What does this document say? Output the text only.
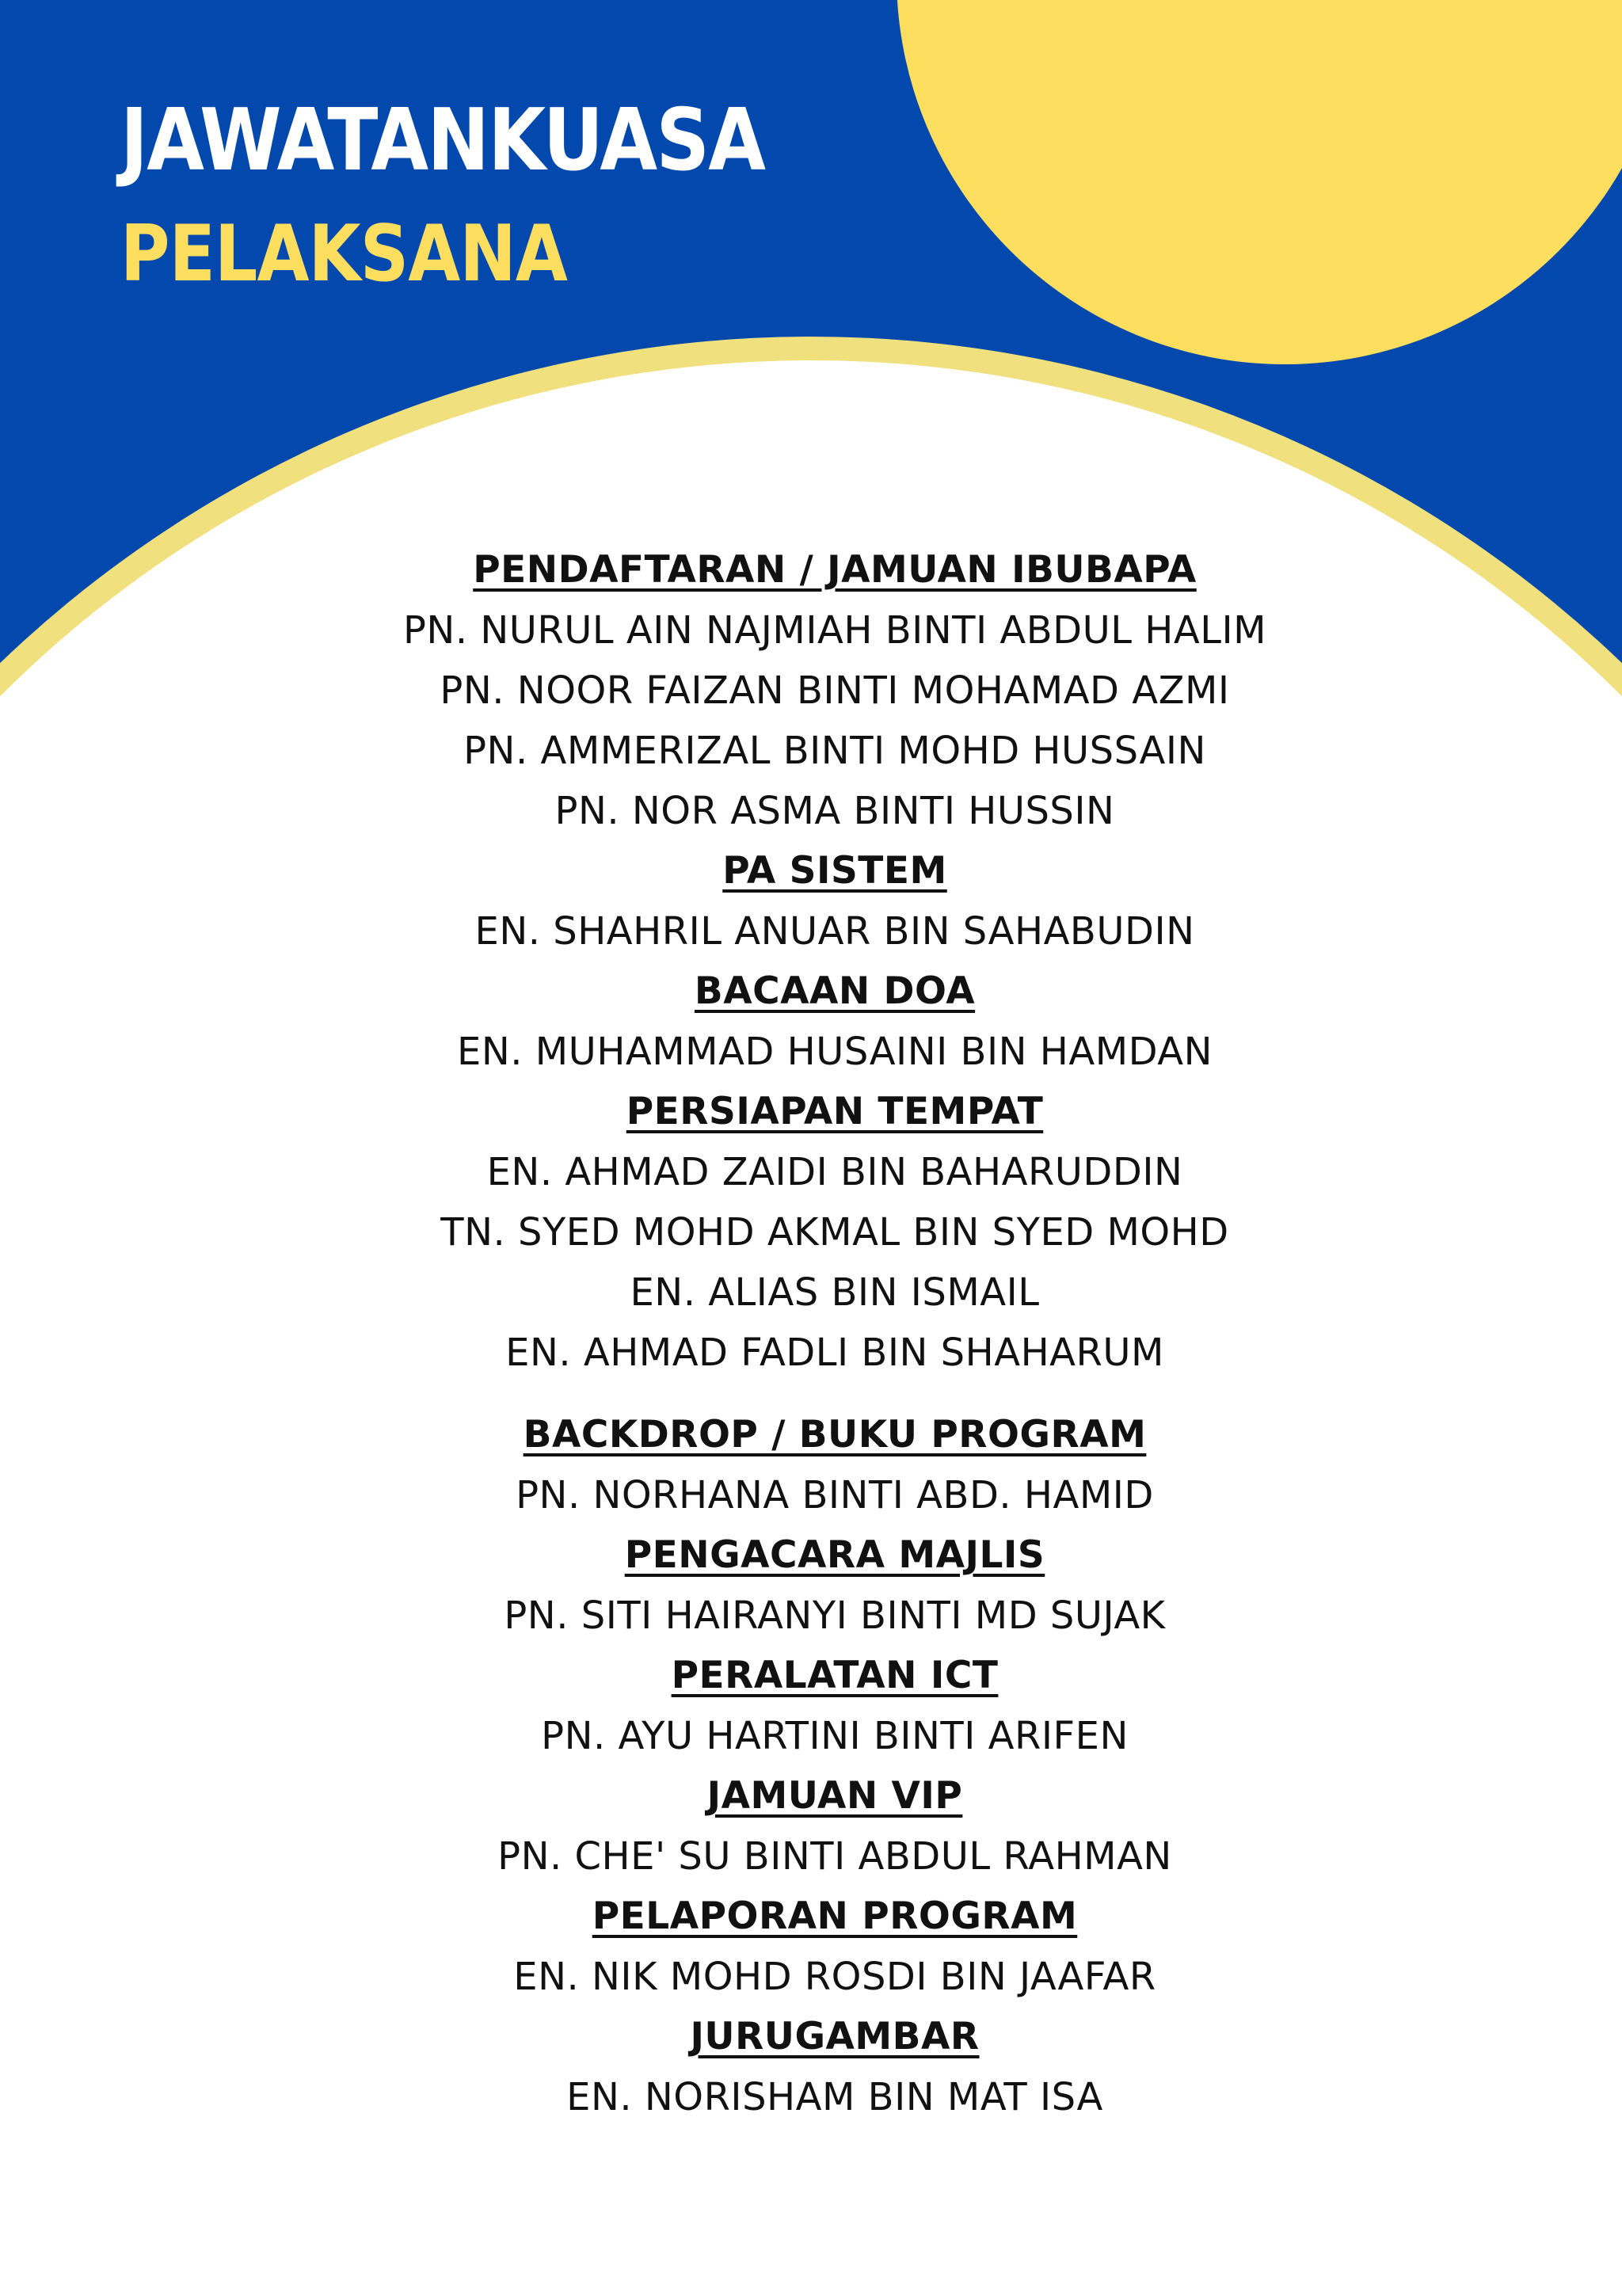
JAWATANKUASA
PELAKSANA
PENDAFTARAN / JAMUAN IBUBAPA
PN. NURUL AIN NAJMIAH BINTI ABDUL HALIM
PN. NOOR FAIZAN BINTI MOHAMAD AZMI
PN. AMMERIZAL BINTI MOHD HUSSAIN
PN. NOR ASMA BINTI HUSSIN
PA SISTEM
EN. SHAHRIL ANUAR BIN SAHABUDIN
BACAAN DOA
EN. MUHAMMAD HUSAINI BIN HAMDAN
PERSIAPAN TEMPAT
EN. AHMAD ZAIDI BIN BAHARUDDIN
TN. SYED MOHD AKMAL BIN SYED MOHD
EN. ALIAS BIN ISMAIL
EN. AHMAD FADLI BIN SHAHARUM
BACKDROP / BUKU PROGRAM
PN. NORHANA BINTI ABD. HAMID
PENGACARA MAJLIS
PN. SITI HAIRANYI BINTI MD SUJAK
PERALATAN ICT
PN. AYU HARTINI BINTI ARIFEN
JAMUAN VIP
PN. CHE' SU BINTI ABDUL RAHMAN
PELAPORAN PROGRAM
EN. NIK MOHD ROSDI BIN JAAFAR
JURUGAMBAR
EN. NORISHAM BIN MAT ISA
